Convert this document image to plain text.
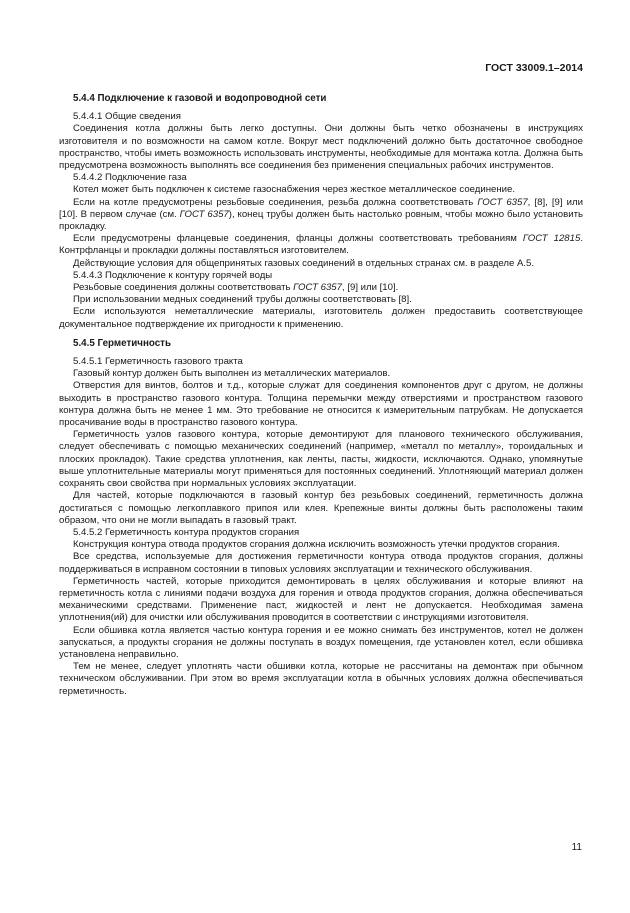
ГОСТ 33009.1–2014
5.4.4 Подключение к газовой и водопроводной сети

5.4.4.1 Общие сведения

Соединения котла должны быть легко доступны. Они должны быть четко обозначены в инструкциях изготовителя и по возможности на самом котле. Вокруг мест подключений должно быть достаточное свободное пространство, чтобы иметь возможность использовать инструменты, необходимые для монтажа котла. Должна быть предусмотрена возможность выполнять все соединения без применения специальных рабочих инструментов.

5.4.4.2 Подключение газа

Котел может быть подключен к системе газоснабжения через жесткое металлическое соединение.

Если на котле предусмотрены резьбовые соединения, резьба должна соответствовать ГОСТ 6357, [8], [9] или [10]. В первом случае (см. ГОСТ 6357), конец трубы должен быть настолько ровным, чтобы можно было установить прокладку.

Если предусмотрены фланцевые соединения, фланцы должны соответствовать требованиям ГОСТ 12815. Контрфланцы и прокладки должны поставляться изготовителем.

Действующие условия для общепринятых газовых соединений в отдельных странах см. в разделе А.5.

5.4.4.3 Подключение к контуру горячей воды

Резьбовые соединения должны соответствовать ГОСТ 6357, [9] или [10].

При использовании медных соединений трубы должны соответствовать [8].

Если используются неметаллические материалы, изготовитель должен предоставить соответствующее документальное подтверждение их пригодности к применению.

5.4.5 Герметичность

5.4.5.1 Герметичность газового тракта

Газовый контур должен быть выполнен из металлических материалов.

Отверстия для винтов, болтов и т.д., которые служат для соединения компонентов друг с другом, не должны выходить в пространство газового контура. Толщина перемычки между отверстиями и пространством газового контура должна быть не менее 1 мм. Это требование не относится к измерительным патрубкам. Не допускается просачивание воды в пространство газового контура.

Герметичность узлов газового контура, которые демонтируют для планового технического обслуживания, следует обеспечивать с помощью механических соединений (например, «металл по металлу», тороидальных и плоских прокладок). Такие средства уплотнения, как ленты, пасты, жидкости, исключаются. Однако, упомянутые выше уплотнительные материалы могут применяться для постоянных соединений. Уплотняющий материал должен сохранять свои свойства при нормальных условиях эксплуатации.

Для частей, которые подключаются в газовый контур без резьбовых соединений, герметичность должна достигаться с помощью легкоплавкого припоя или клея. Крепежные винты должны быть расположены таким образом, что они не могли выпадать в газовый тракт.

5.4.5.2 Герметичность контура продуктов сгорания

Конструкция контура отвода продуктов сгорания должна исключить возможность утечки продуктов сгорания.

Все средства, используемые для достижения герметичности контура отвода продуктов сгорания, должны поддерживаться в исправном состоянии в типовых условиях эксплуатации и технического обслуживания.

Герметичность частей, которые приходится демонтировать в целях обслуживания и которые влияют на герметичность котла с линиями подачи воздуха для горения и отвода продуктов сгорания, должна обеспечиваться механическими средствами. Применение паст, жидкостей и лент не допускается. Необходимая замена уплотнения(ий) для очистки или обслуживания проводится в соответствии с инструкциями изготовителя.

Если обшивка котла является частью контура горения и ее можно снимать без инструментов, котел не должен запускаться, а продукты сгорания не должны поступать в воздух помещения, где установлен котел, если обшивка установлена неправильно.

Тем не менее, следует уплотнять части обшивки котла, которые не рассчитаны на демонтаж при обычном техническом обслуживании. При этом во время эксплуатации котла в обычных условиях должна обеспечиваться герметичность.

11
